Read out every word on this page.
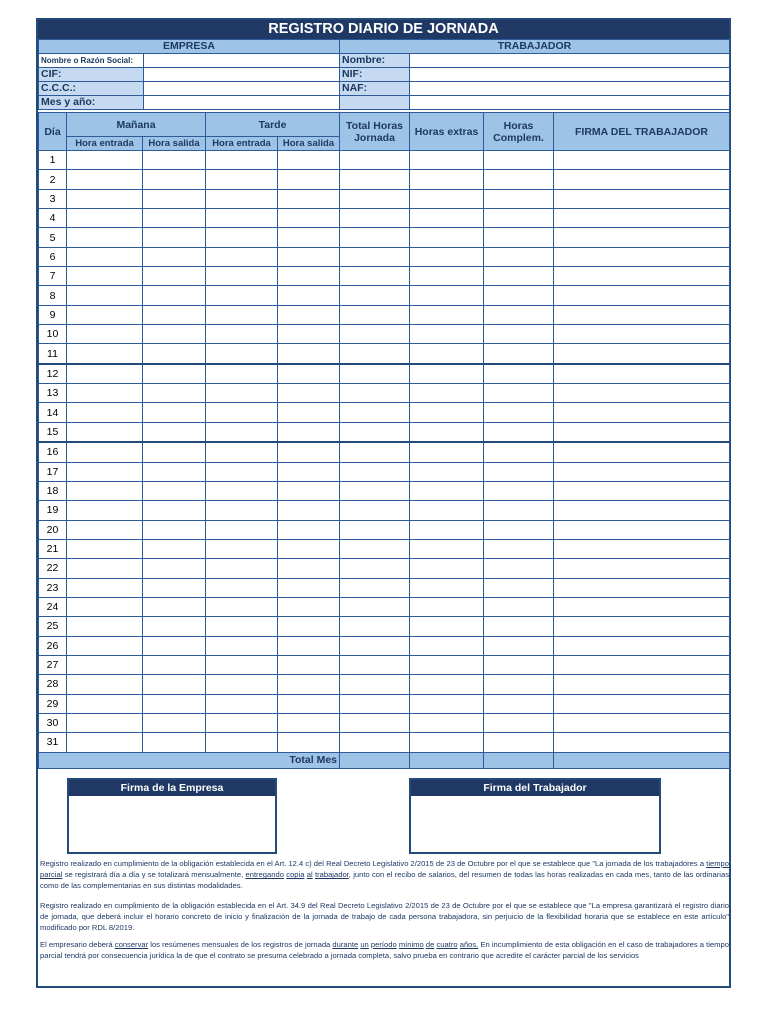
REGISTRO DIARIO DE JORNADA
EMPRESA		TRABAJADOR	
Nombre o Razón Social:		Nombre:	
CIF:		NIF:	
C.C.C.:		NAF:	
Mes y año:			
Día	Mañana		Tarde		Total Horas Jornada	Horas extras	Horas Complem.	FIRMA DEL TRABAJADOR
	Hora entrada	Hora salida	Hora entrada	Hora salida				
1								
2								
3								
4								
5								
6								
7								
8								
9								
10								
11								
12								
13								
14								
15								
16								
17								
18								
19								
20								
21								
22								
23								
24								
25								
26								
27								
28								
29								
30								
31								
Total Mes								
Firma de la Empresa	Firma del Trabajador
Registro realizado en cumplimiento de la obligación establecida en el Art. 12.4 c) del Real Decreto Legislativo 2/2015 de 23 de Octubre por el que se establece que "La jornada de los trabajadores a tiempo parcial se registrará día a día y se totalizará mensualmente, entregando copia al trabajador, junto con el recibo de salarios, del resumen de todas las horas realizadas en cada mes, tanto de las ordinarias como de las complementarias en sus distintas modalidades.
Registro realizado en cumplimiento de la obligación establecida en el Art. 34.9 del Real Decreto Legislativo 2/2015 de 23 de Octubre por el que se establece que "La empresa garantizará el registro diario de jornada, que deberá incluir el horario concreto de inicio y finalización de la jornada de trabajo de cada persona trabajadora, sin perjuicio de la flexibilidad horaria que se establece en este artículo" modificado por RDL 8/2019.
El empresario deberá conservar los resúmenes mensuales de los registros de jornada durante un período mínimo de cuatro años. En incumplimiento de esta obligación en el caso de trabajadores a tiempo parcial tendrá por consecuencia jurídica la de que el contrato se presuma celebrado a jornada completa, salvo prueba en contrario que acredite el carácter parcial de los servicios
